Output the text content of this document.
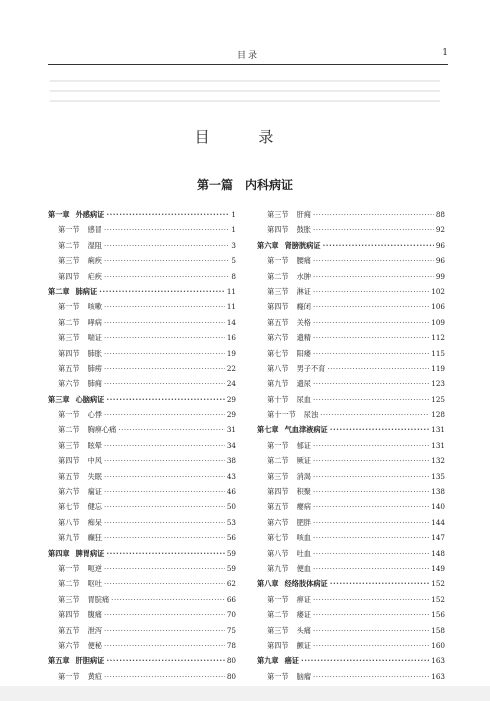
目录	1
目 录
第一篇　内科病证
第一章 外感病证 ·····	1
第一节 感冒 ·····	1
第二节 湿阻 ·····	3
第三节 痢疾 ·····	5
第四节 疟疾 ·····	8
第二章 肺病证 ·····	11
第一节 咳嗽 ·····	11
第二节 哮病 ·····	14
第三节 喘证 ·····	16
第四节 肺胀 ·····	19
第五节 肺痨 ·····	22
第六节 肺痈 ·····	24
第三章 心脑病证 ·····	29
第一节 心悸 ·····	29
第二节 胸痹心痛 ·····	31
第三节 眩晕 ·····	34
第四节 中风 ·····	38
第五节 失眠 ·····	43
第六节 痫证 ·····	46
第七节 健忘 ·····	50
第八节 痴呆 ·····	53
第九节 癫狂 ·····	56
第四章 脾胃病证 ·····	59
第一节 呃逆 ·····	59
第二节 呕吐 ·····	62
第三节 胃脘痛 ·····	66
第四节 腹痛 ·····	70
第五节 泄泻 ·····	75
第六节 便秘 ·····	78
第五章 肝胆病证 ·····	80
第一节 黄疸 ·····	80
·····
第三节 肝痈 ·····	88
第四节 鼓胀 ·····	92
第六章 肾膀胱病证 ·····	96
第一节 腰痛 ·····	96
第二节 水肿 ·····	99
第三节 淋证 ·····	102
第四节 癃闭 ·····	106
第五节 关格 ·····	109
第六节 遗精 ·····	112
第七节 阳痿 ·····	115
第八节 男子不育 ·····	119
第九节 遗尿 ·····	123
第十节 尿血 ·····	125
第十一节 尿浊 ·····	128
第七章 气血津液病证 ·····	131
第一节 郁证 ·····	131
第二节 厥证 ·····	132
第三节 消渴 ·····	135
第四节 积聚 ·····	138
第五节 瘿病 ·····	140
第六节 肥胖 ·····	144
第七节 咳血 ·····	147
第八节 吐血 ·····	148
第九节 便血 ·····	149
第八章 经络肢体病证 ·····	152
第一节 痹证 ·····	152
第二节 痿证 ·····	156
第三节 头痛 ·····	158
第四节 颤证 ·····	160
第九章 癌证 ·····	163
第一节 脑瘤 ·····	163
·····
